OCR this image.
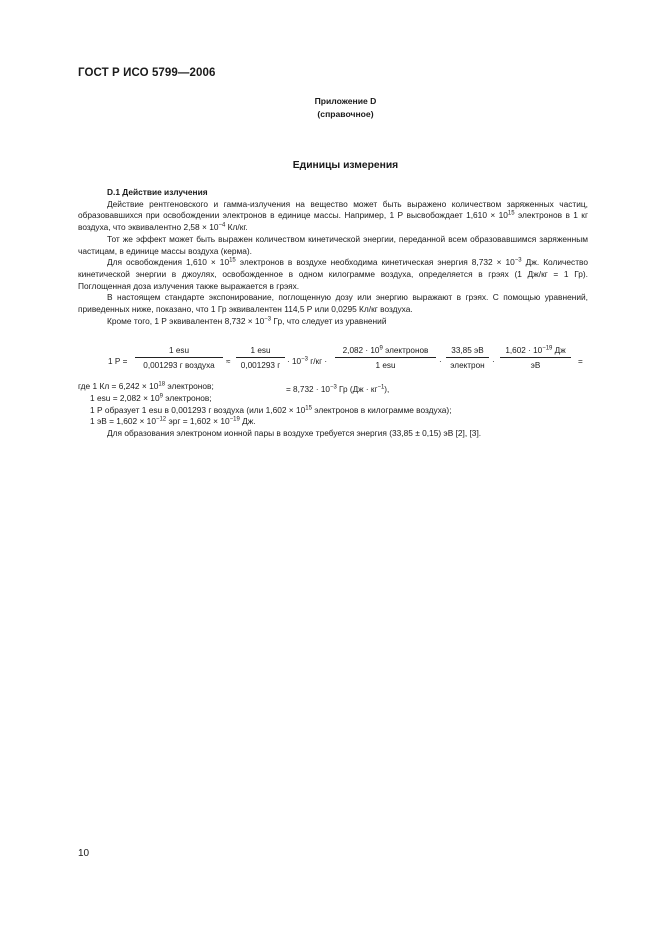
ГОСТ Р ИСО 5799—2006
Приложение D
(справочное)
Единицы измерения

D.1 Действие излучения

Действие рентгеновского и гамма-излучения на вещество может быть выражено количеством заряженных частиц, образовавшихся при освобождении электронов в единице массы. Например, 1 Р высвобождает $1,610 \times 10^{15}$ электронов в 1 кг воздуха, что эквивалентно $2,58 \times 10^{-4}$ Кл/кг.

Тот же эффект может быть выражен количеством кинетической энергии, переданной всем образовавшимся заряженным частицам, в единице массы воздуха (керма).

Для освобождения $1,610 \times 10^{15}$ электронов в воздухе необходима кинетическая энергия $8,732 \times 10^{-3}$ Дж. Количество кинетической энергии в джоулях, освобожденное в одном килограмме воздуха, определяется в грэях (1 Дж/кг = 1 Гр). Поглощенная доза излучения также выражается в грэях.

В настоящем стандарте экспонирование, поглощенную дозу или энергию выражают в грэях. С помощью уравнений, приведенных ниже, показано, что 1 Гр эквивалентен 114,5 Р или 0,0295 Кл/кг воздуха.

Кроме того, 1 Р эквивалентен $8,732 \times 10^{-3}$ Гр, что следует из уравнений

1 Р =
1 esu
0,001293 г воздуха	≈
1 esu
0,001293 $г \cdot 10^{-3}$ г/кг ·
$2,082 \cdot 10^9$ электронов
1 esu	·
33,85 эВ
электрон ·
$1,602 \cdot 10^{-19}$ Дж
эВ	=
= $8,732 \cdot 10^{-3}$ Гр $(Дж \cdot кг^{-1})$,

где 1 Кл = $6,242 \times 10^{18}$ электронов;

1 esu = $2,082 \times 10^9$ электронов;

1 Р образует 1 esu в 0,001293 г воздуха (или $1,602 \times 10^{15}$ электронов в килограмме воздуха);

1 эВ = $1,602 \times 10^{-12}$ эрг = $1,602 \times 10^{-19}$ Дж.

Для образования электроном ионной пары в воздухе требуется энергия (33,85 ± 0,15) эВ [2], [3].

10
